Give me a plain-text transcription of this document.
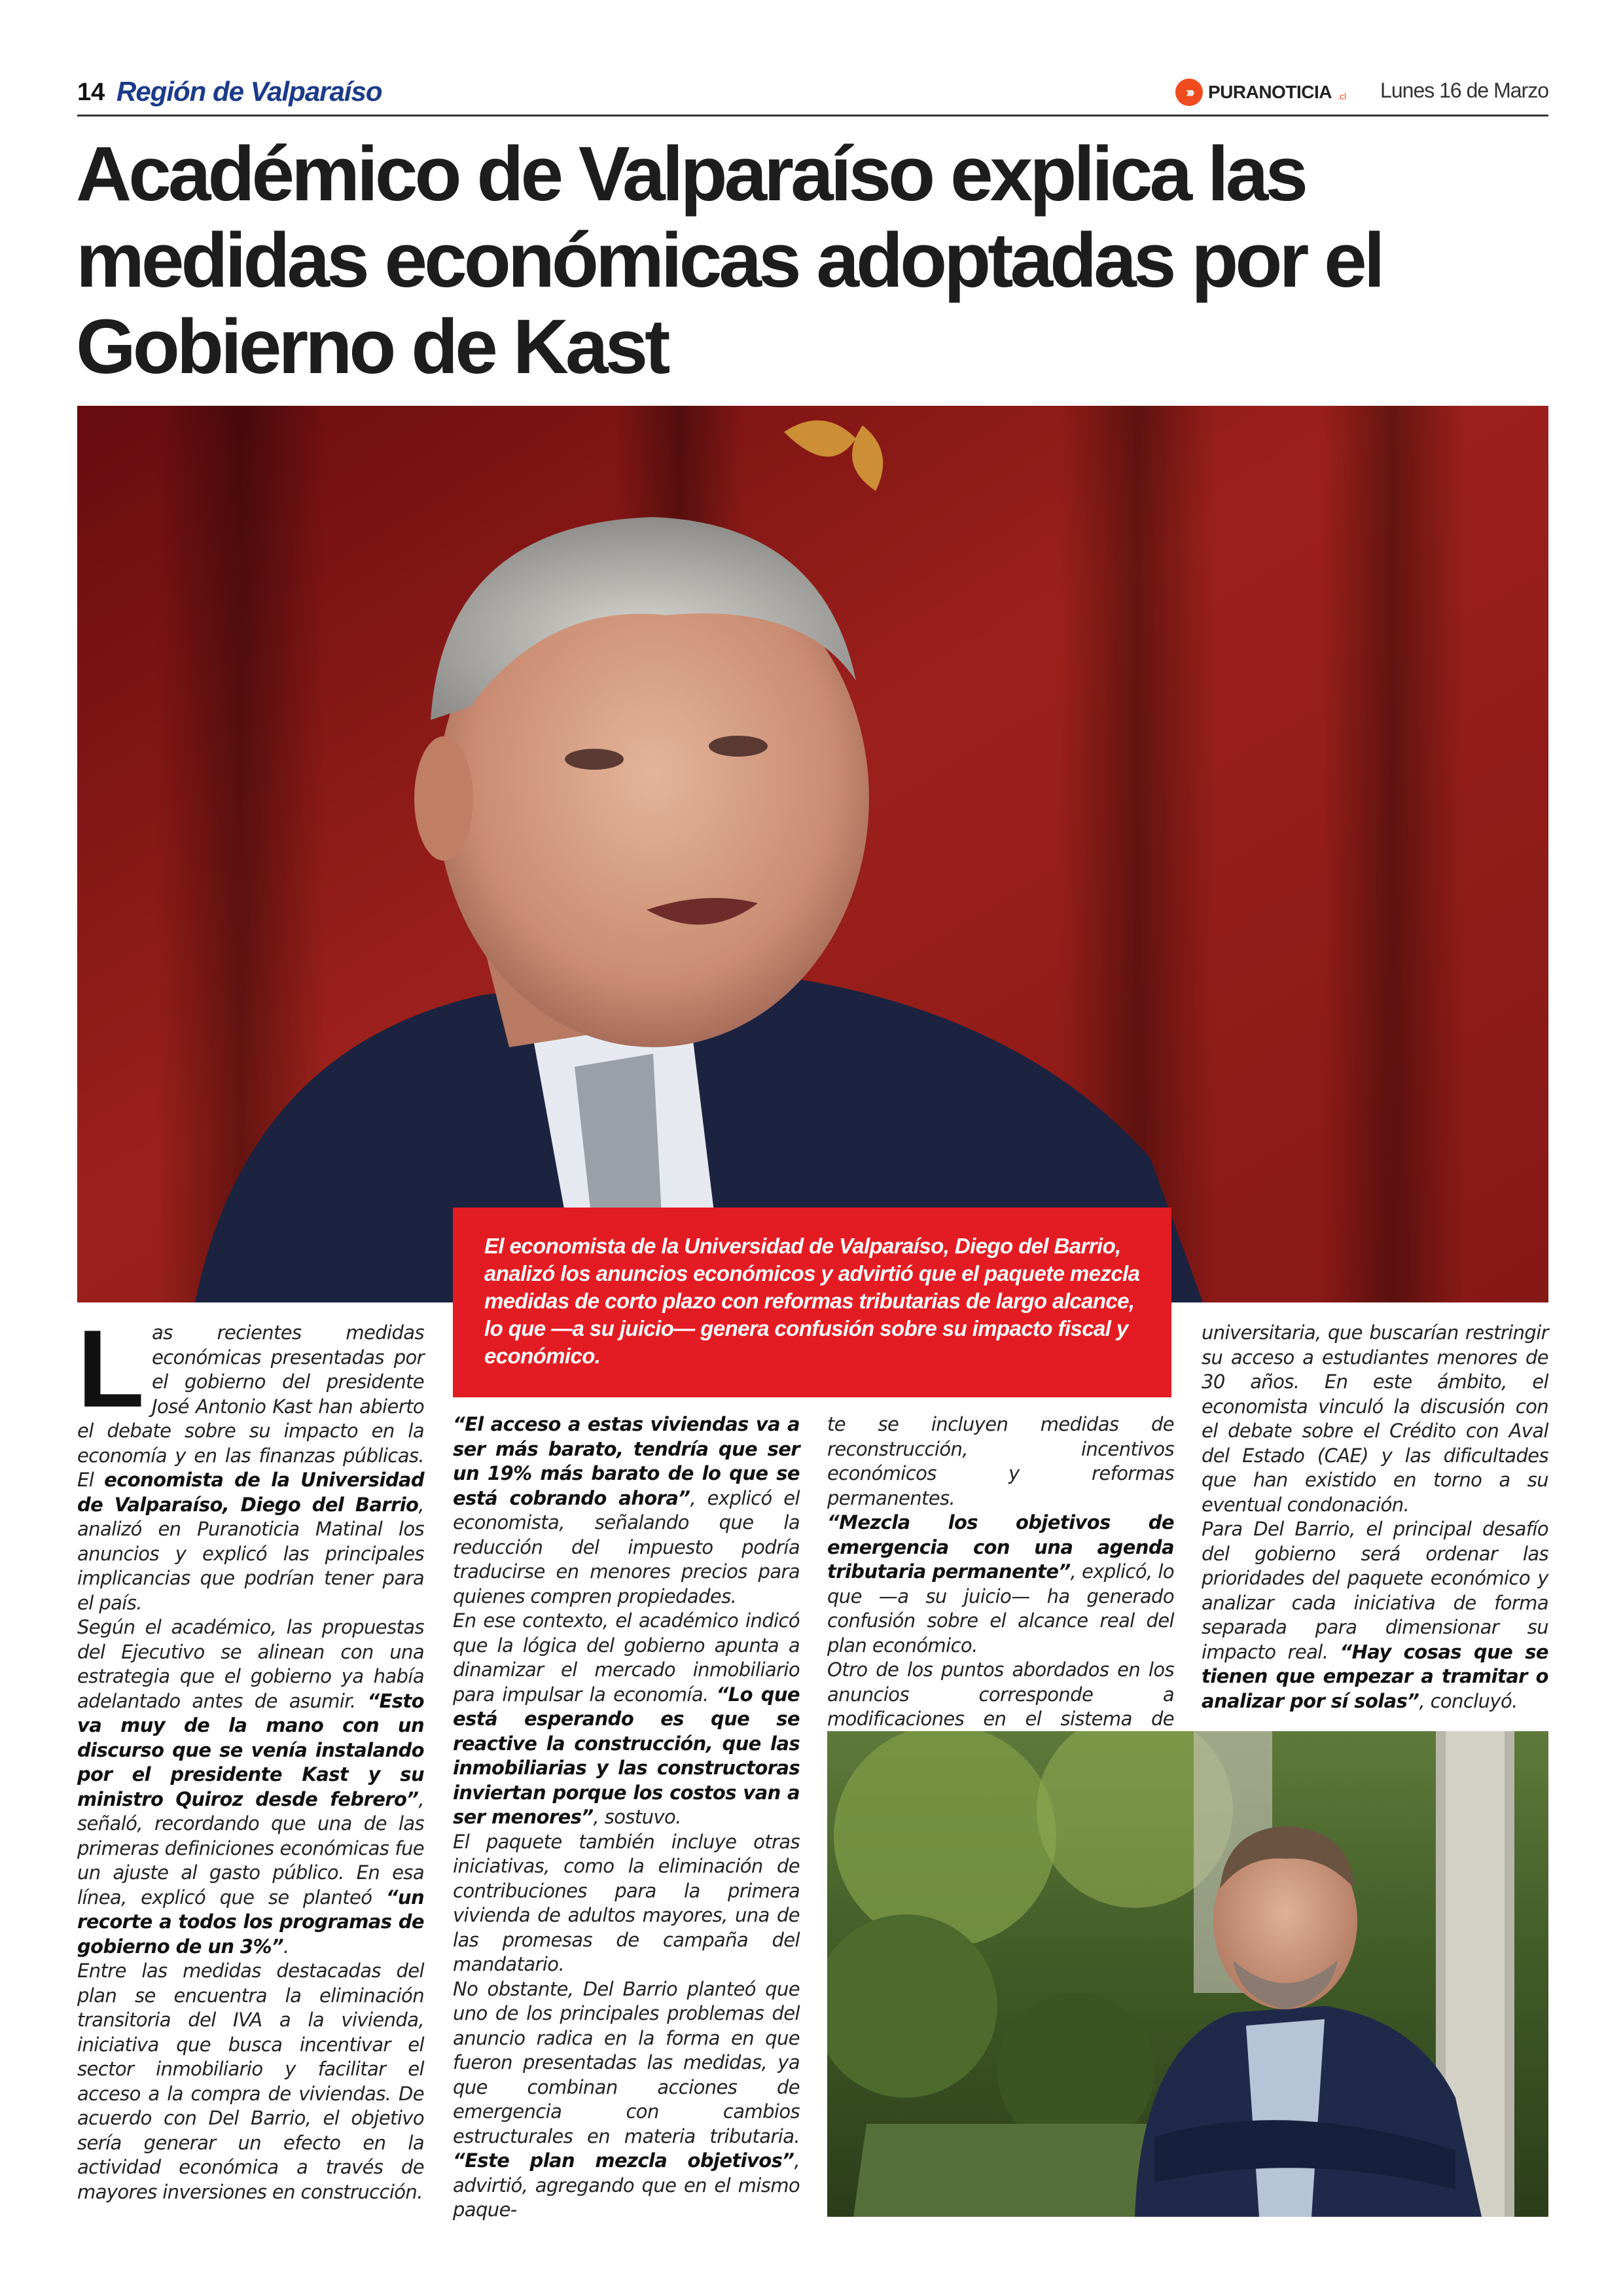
14 Región de Valparaíso	››› PURANOTICIA .cl Lunes 16 de Marzo
Académico de Valparaíso explica las medidas económicas adoptadas por el Gobierno de Kast
El economista de la Universidad de Valparaíso, Diego del Barrio, analizó los anuncios económicos y advirtió que el paquete mezcla medidas de corto plazo con reformas tributarias de largo alcance, lo que —a su juicio— genera confusión sobre su impacto fiscal y económico.
L as recientes medidas económicas presentadas por el gobierno del presidente José Antonio Kast han abierto el debate sobre su impacto en la economía y en las finanzas públicas. El economista de la Universidad de Valparaíso, Diego del Barrio, analizó en Puranoticia Matinal los anuncios y explicó las principales implicancias que podrían tener para el país.
Según el académico, las propuestas del Ejecutivo se alinean con una estrategia que el gobierno ya había adelantado antes de asumir. “Esto va muy de la mano con un discurso que se venía instalando por el presidente Kast y su ministro Quiroz desde febrero”, señaló, recordando que una de las primeras definiciones económicas fue un ajuste al gasto público. En esa línea, explicó que se planteó “un recorte a todos los programas de gobierno de un 3%”.
Entre las medidas destacadas del plan se encuentra la eliminación transitoria del IVA a la vivienda, iniciativa que busca incentivar el sector inmobiliario y facilitar el acceso a la compra de viviendas. De acuerdo con Del Barrio, el objetivo sería generar un efecto en la actividad económica a través de mayores inversiones en construcción.
“El acceso a estas viviendas va a ser más barato, tendría que ser un 19% más barato de lo que se está cobrando ahora”, explicó el economista, señalando que la reducción del impuesto podría traducirse en menores precios para quienes compren propiedades.
En ese contexto, el académico indicó que la lógica del gobierno apunta a dinamizar el mercado inmobiliario para impulsar la economía. “Lo que está esperando es que se reactive la construcción, que las inmobiliarias y las constructoras inviertan porque los costos van a ser menores”, sostuvo.
El paquete también incluye otras iniciativas, como la eliminación de contribuciones para la primera vivienda de adultos mayores, una de las promesas de campaña del mandatario.
No obstante, Del Barrio planteó que uno de los principales problemas del anuncio radica en la forma en que fueron presentadas las medidas, ya que combinan acciones de emergencia con cambios estructurales en materia tributaria. “Este plan mezcla objetivos”, advirtió, agregando que en el mismo paque-
te se incluyen medidas de reconstrucción, incentivos económicos y reformas permanentes.
“Mezcla los objetivos de emergencia con una agenda tributaria permanente”, explicó, lo que —a su juicio— ha generado confusión sobre el alcance real del plan económico.
Otro de los puntos abordados en los anuncios corresponde a modificaciones en el sistema de
universitaria, que buscarían restringir su acceso a estudiantes menores de 30 años. En este ámbito, el economista vinculó la discusión con el debate sobre el Crédito con Aval del Estado (CAE) y las dificultades que han existido en torno a su eventual condonación.
Para Del Barrio, el principal desafío del gobierno será ordenar las prioridades del paquete económico y analizar cada iniciativa de forma separada para dimensionar su impacto real. “Hay cosas que se tienen que empezar a tramitar o analizar por sí solas”, concluyó.
